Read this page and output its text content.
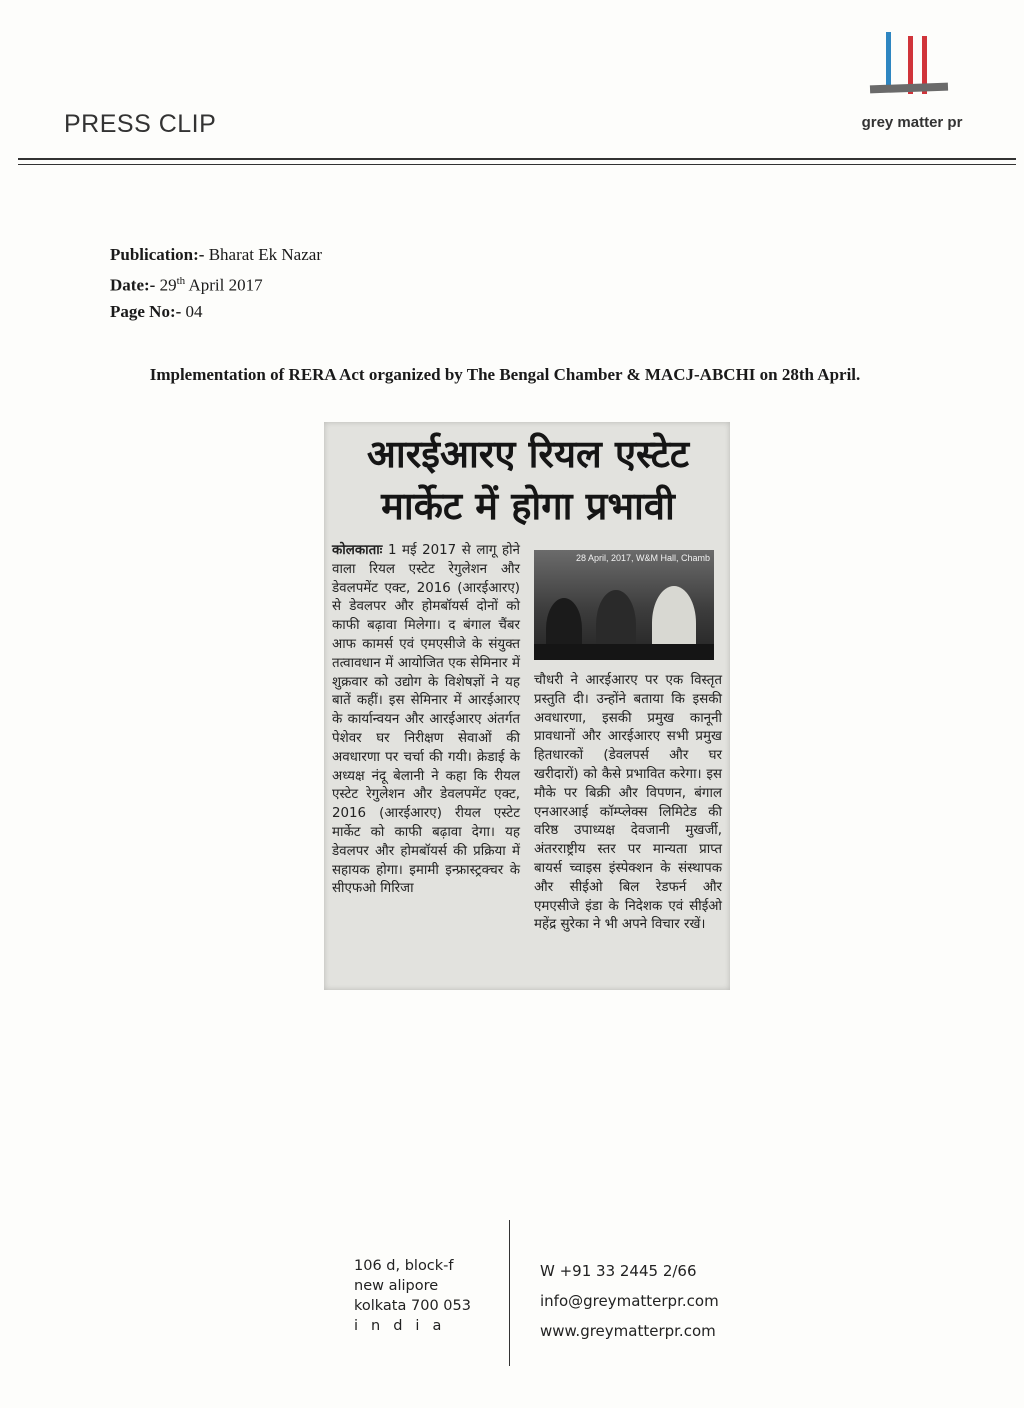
PRESS CLIP	grey matter pr
Publication:- Bharat Ek Nazar
Date:- 29th April 2017
Page No:- 04
Implementation of RERA Act organized by The Bengal Chamber & MACJ-ABCHI on 28th April.
आरईआरए रियल एस्टेट मार्केट में होगा प्रभावी
कोलकाताः 1 मई 2017 से लागू होने वाला रियल एस्टेट रेगुलेशन और डेवलपमेंट एक्ट, 2016 (आरईआरए) से डेवलपर और होमबॉयर्स दोनों को काफी बढ़ावा मिलेगा। द बंगाल चैंबर आफ कामर्स एवं एमएसीजे के संयुक्त तत्वावधान में आयोजित एक सेमिनार में शुक्रवार को उद्योग के विशेषज्ञों ने यह बातें कहीं। इस सेमिनार में आरईआरए के कार्यान्वयन और आरईआरए अंतर्गत पेशेवर घर निरीक्षण सेवाओं की अवधारणा पर चर्चा की गयी। क्रेडाई के अध्यक्ष नंदू बेलानी ने कहा कि रीयल एस्टेट रेगुलेशन और डेवलपमेंट एक्ट, 2016 (आरईआरए) रीयल एस्टेट मार्केट को काफी बढ़ावा देगा। यह डेवलपर और होमबॉयर्स की प्रक्रिया में सहायक होगा। इमामी इन्फ्रास्ट्रक्चर के सीएफओ गिरिजा
28 April, 2017, W&M Hall, Chamb
चौधरी ने आरईआरए पर एक विस्तृत प्रस्तुति दी। उन्होंने बताया कि इसकी अवधारणा, इसकी प्रमुख कानूनी प्रावधानों और आरईआरए सभी प्रमुख हितधारकों (डेवलपर्स और घर खरीदारों) को कैसे प्रभावित करेगा। इस मौके पर बिक्री और विपणन, बंगाल एनआरआई कॉम्प्लेक्स लिमिटेड की वरिष्ठ उपाध्यक्ष देवजानी मुखर्जी, अंतरराष्ट्रीय स्तर पर मान्यता प्राप्त बायर्स च्वाइस इंस्पेक्शन के संस्थापक और सीईओ बिल रेडफर्न और एमएसीजे इंडा के निदेशक एवं सीईओ महेंद्र सुरेका ने भी अपने विचार रखें।
106 d, block-f
new alipore
kolkata 700 053
india
W +91 33 2445 2/66
info@greymatterpr.com
www.greymatterpr.com
